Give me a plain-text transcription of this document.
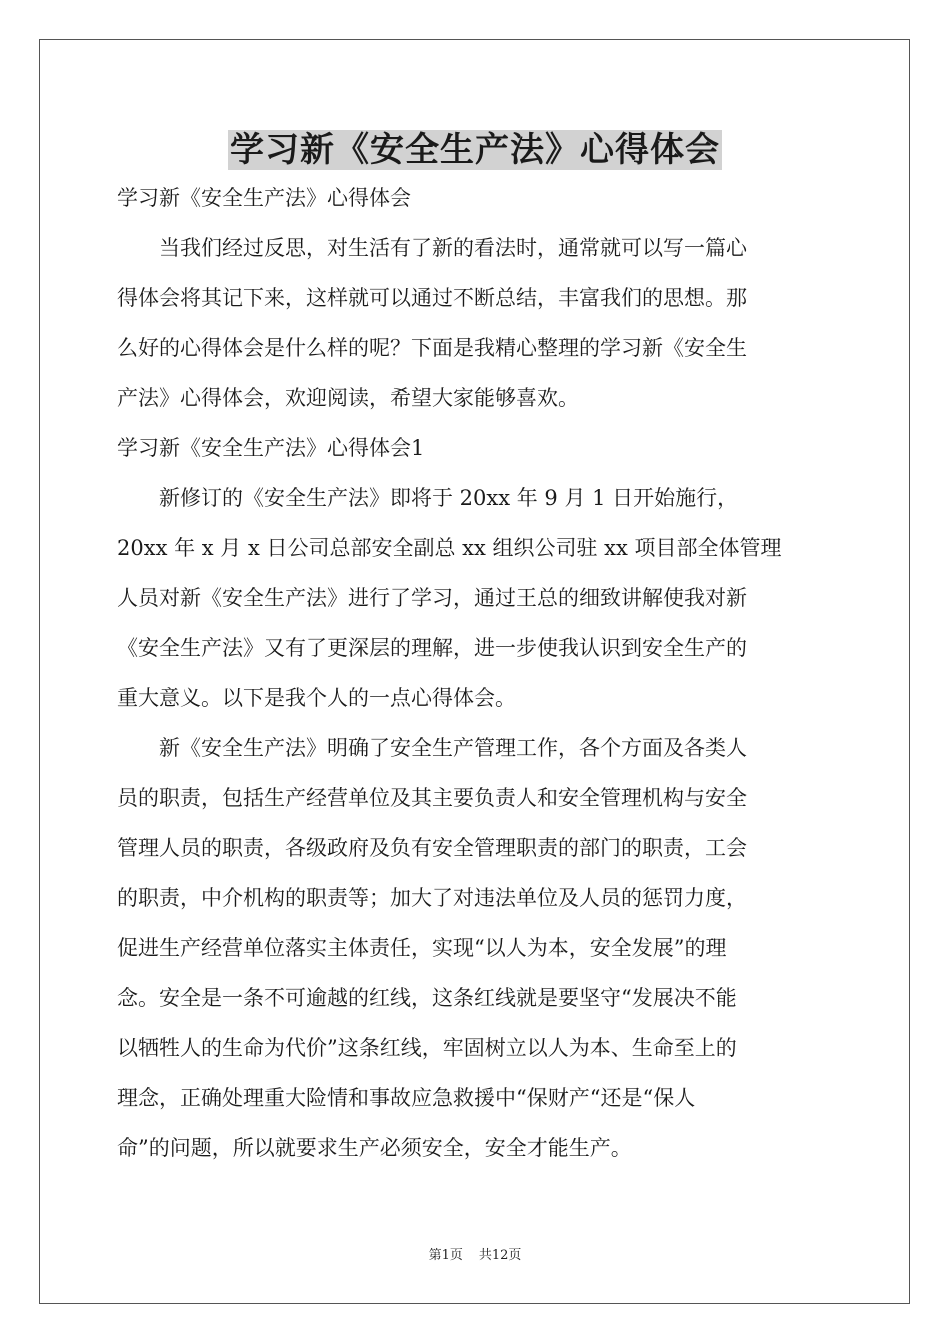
学习新《安全生产法》心得体会
学习新《安全生产法》心得体会
　　当我们经过反思，对生活有了新的看法时，通常就可以写一篇心
得体会将其记下来，这样就可以通过不断总结，丰富我们的思想。那
么好的心得体会是什么样的呢？下面是我精心整理的学习新《安全生
产法》心得体会，欢迎阅读，希望大家能够喜欢。
学习新《安全生产法》心得体会1
　　新修订的《安全生产法》即将于 20xx 年 9 月 1 日开始施行，
20xx 年 x 月 x 日公司总部安全副总 xx 组织公司驻 xx 项目部全体管理
人员对新《安全生产法》进行了学习，通过王总的细致讲解使我对新
《安全生产法》又有了更深层的理解，进一步使我认识到安全生产的
重大意义。以下是我个人的一点心得体会。
　　新《安全生产法》明确了安全生产管理工作，各个方面及各类人
员的职责，包括生产经营单位及其主要负责人和安全管理机构与安全
管理人员的职责，各级政府及负有安全管理职责的部门的职责，工会
的职责，中介机构的职责等；加大了对违法单位及人员的惩罚力度，
促进生产经营单位落实主体责任，实现“以人为本，安全发展”的理
念。安全是一条不可逾越的红线，这条红线就是要坚守“发展决不能
以牺牲人的生命为代价”这条红线，牢固树立以人为本、生命至上的
理念，正确处理重大险情和事故应急救援中“保财产“还是“保人
命”的问题，所以就要求生产必须安全，安全才能生产。
第1页 共12页
